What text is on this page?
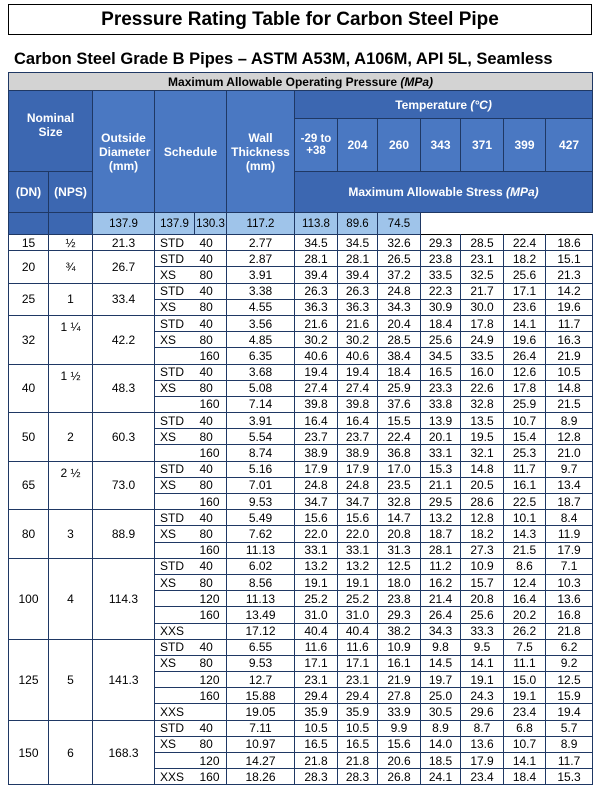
Pressure Rating Table for Carbon Steel Pipe
Carbon Steel Grade B Pipes – ASTM A53M, A106M, API 5L, Seamless
Maximum Allowable Operating Pressure (MPa)												
Nominal Size		Outside Diameter (mm)	Schedule		Wall Thickness (mm)	Temperature (°C)						
						-29 to +38	204	260	343	371	399	427
(DN)	(NPS)					Maximum Allowable Stress (MPa)						
		137.9	137.9	130.3	117.2	113.8	89.6	74.5				
15	½	21.3	STD	40	2.77	34.5	34.5	32.6	29.3	28.5	22.4	18.6
20	¾	26.7	STD	40	2.87	28.1	28.1	26.5	23.8	23.1	18.2	15.1
			XS	80	3.91	39.4	39.4	37.2	33.5	32.5	25.6	21.3
25	1	33.4	STD	40	3.38	26.3	26.3	24.8	22.3	21.7	17.1	14.2
			XS	80	4.55	36.3	36.3	34.3	30.9	30.0	23.6	19.6
32	1 ¼	42.2	STD	40	3.56	21.6	21.6	20.4	18.4	17.8	14.1	11.7
			XS	80	4.85	30.2	30.2	28.5	25.6	24.9	19.6	16.3
				160	6.35	40.6	40.6	38.4	34.5	33.5	26.4	21.9
40	1 ½	48.3	STD	40	3.68	19.4	19.4	18.4	16.5	16.0	12.6	10.5
			XS	80	5.08	27.4	27.4	25.9	23.3	22.6	17.8	14.8
				160	7.14	39.8	39.8	37.6	33.8	32.8	25.9	21.5
50	2	60.3	STD	40	3.91	16.4	16.4	15.5	13.9	13.5	10.7	8.9
			XS	80	5.54	23.7	23.7	22.4	20.1	19.5	15.4	12.8
				160	8.74	38.9	38.9	36.8	33.1	32.1	25.3	21.0
65	2 ½	73.0	STD	40	5.16	17.9	17.9	17.0	15.3	14.8	11.7	9.7
			XS	80	7.01	24.8	24.8	23.5	21.1	20.5	16.1	13.4
				160	9.53	34.7	34.7	32.8	29.5	28.6	22.5	18.7
80	3	88.9	STD	40	5.49	15.6	15.6	14.7	13.2	12.8	10.1	8.4
			XS	80	7.62	22.0	22.0	20.8	18.7	18.2	14.3	11.9
				160	11.13	33.1	33.1	31.3	28.1	27.3	21.5	17.9
100	4	114.3	STD	40	6.02	13.2	13.2	12.5	11.2	10.9	8.6	7.1
			XS	80	8.56	19.1	19.1	18.0	16.2	15.7	12.4	10.3
				120	11.13	25.2	25.2	23.8	21.4	20.8	16.4	13.6
				160	13.49	31.0	31.0	29.3	26.4	25.6	20.2	16.8
			XXS		17.12	40.4	40.4	38.2	34.3	33.3	26.2	21.8
125	5	141.3	STD	40	6.55	11.6	11.6	10.9	9.8	9.5	7.5	6.2
			XS	80	9.53	17.1	17.1	16.1	14.5	14.1	11.1	9.2
				120	12.7	23.1	23.1	21.9	19.7	19.1	15.0	12.5
				160	15.88	29.4	29.4	27.8	25.0	24.3	19.1	15.9
			XXS		19.05	35.9	35.9	33.9	30.5	29.6	23.4	19.4
150	6	168.3	STD	40	7.11	10.5	10.5	9.9	8.9	8.7	6.8	5.7
			XS	80	10.97	16.5	16.5	15.6	14.0	13.6	10.7	8.9
				120	14.27	21.8	21.8	20.6	18.5	17.9	14.1	11.7
			XXS	160	18.26	28.3	28.3	26.8	24.1	23.4	18.4	15.3
